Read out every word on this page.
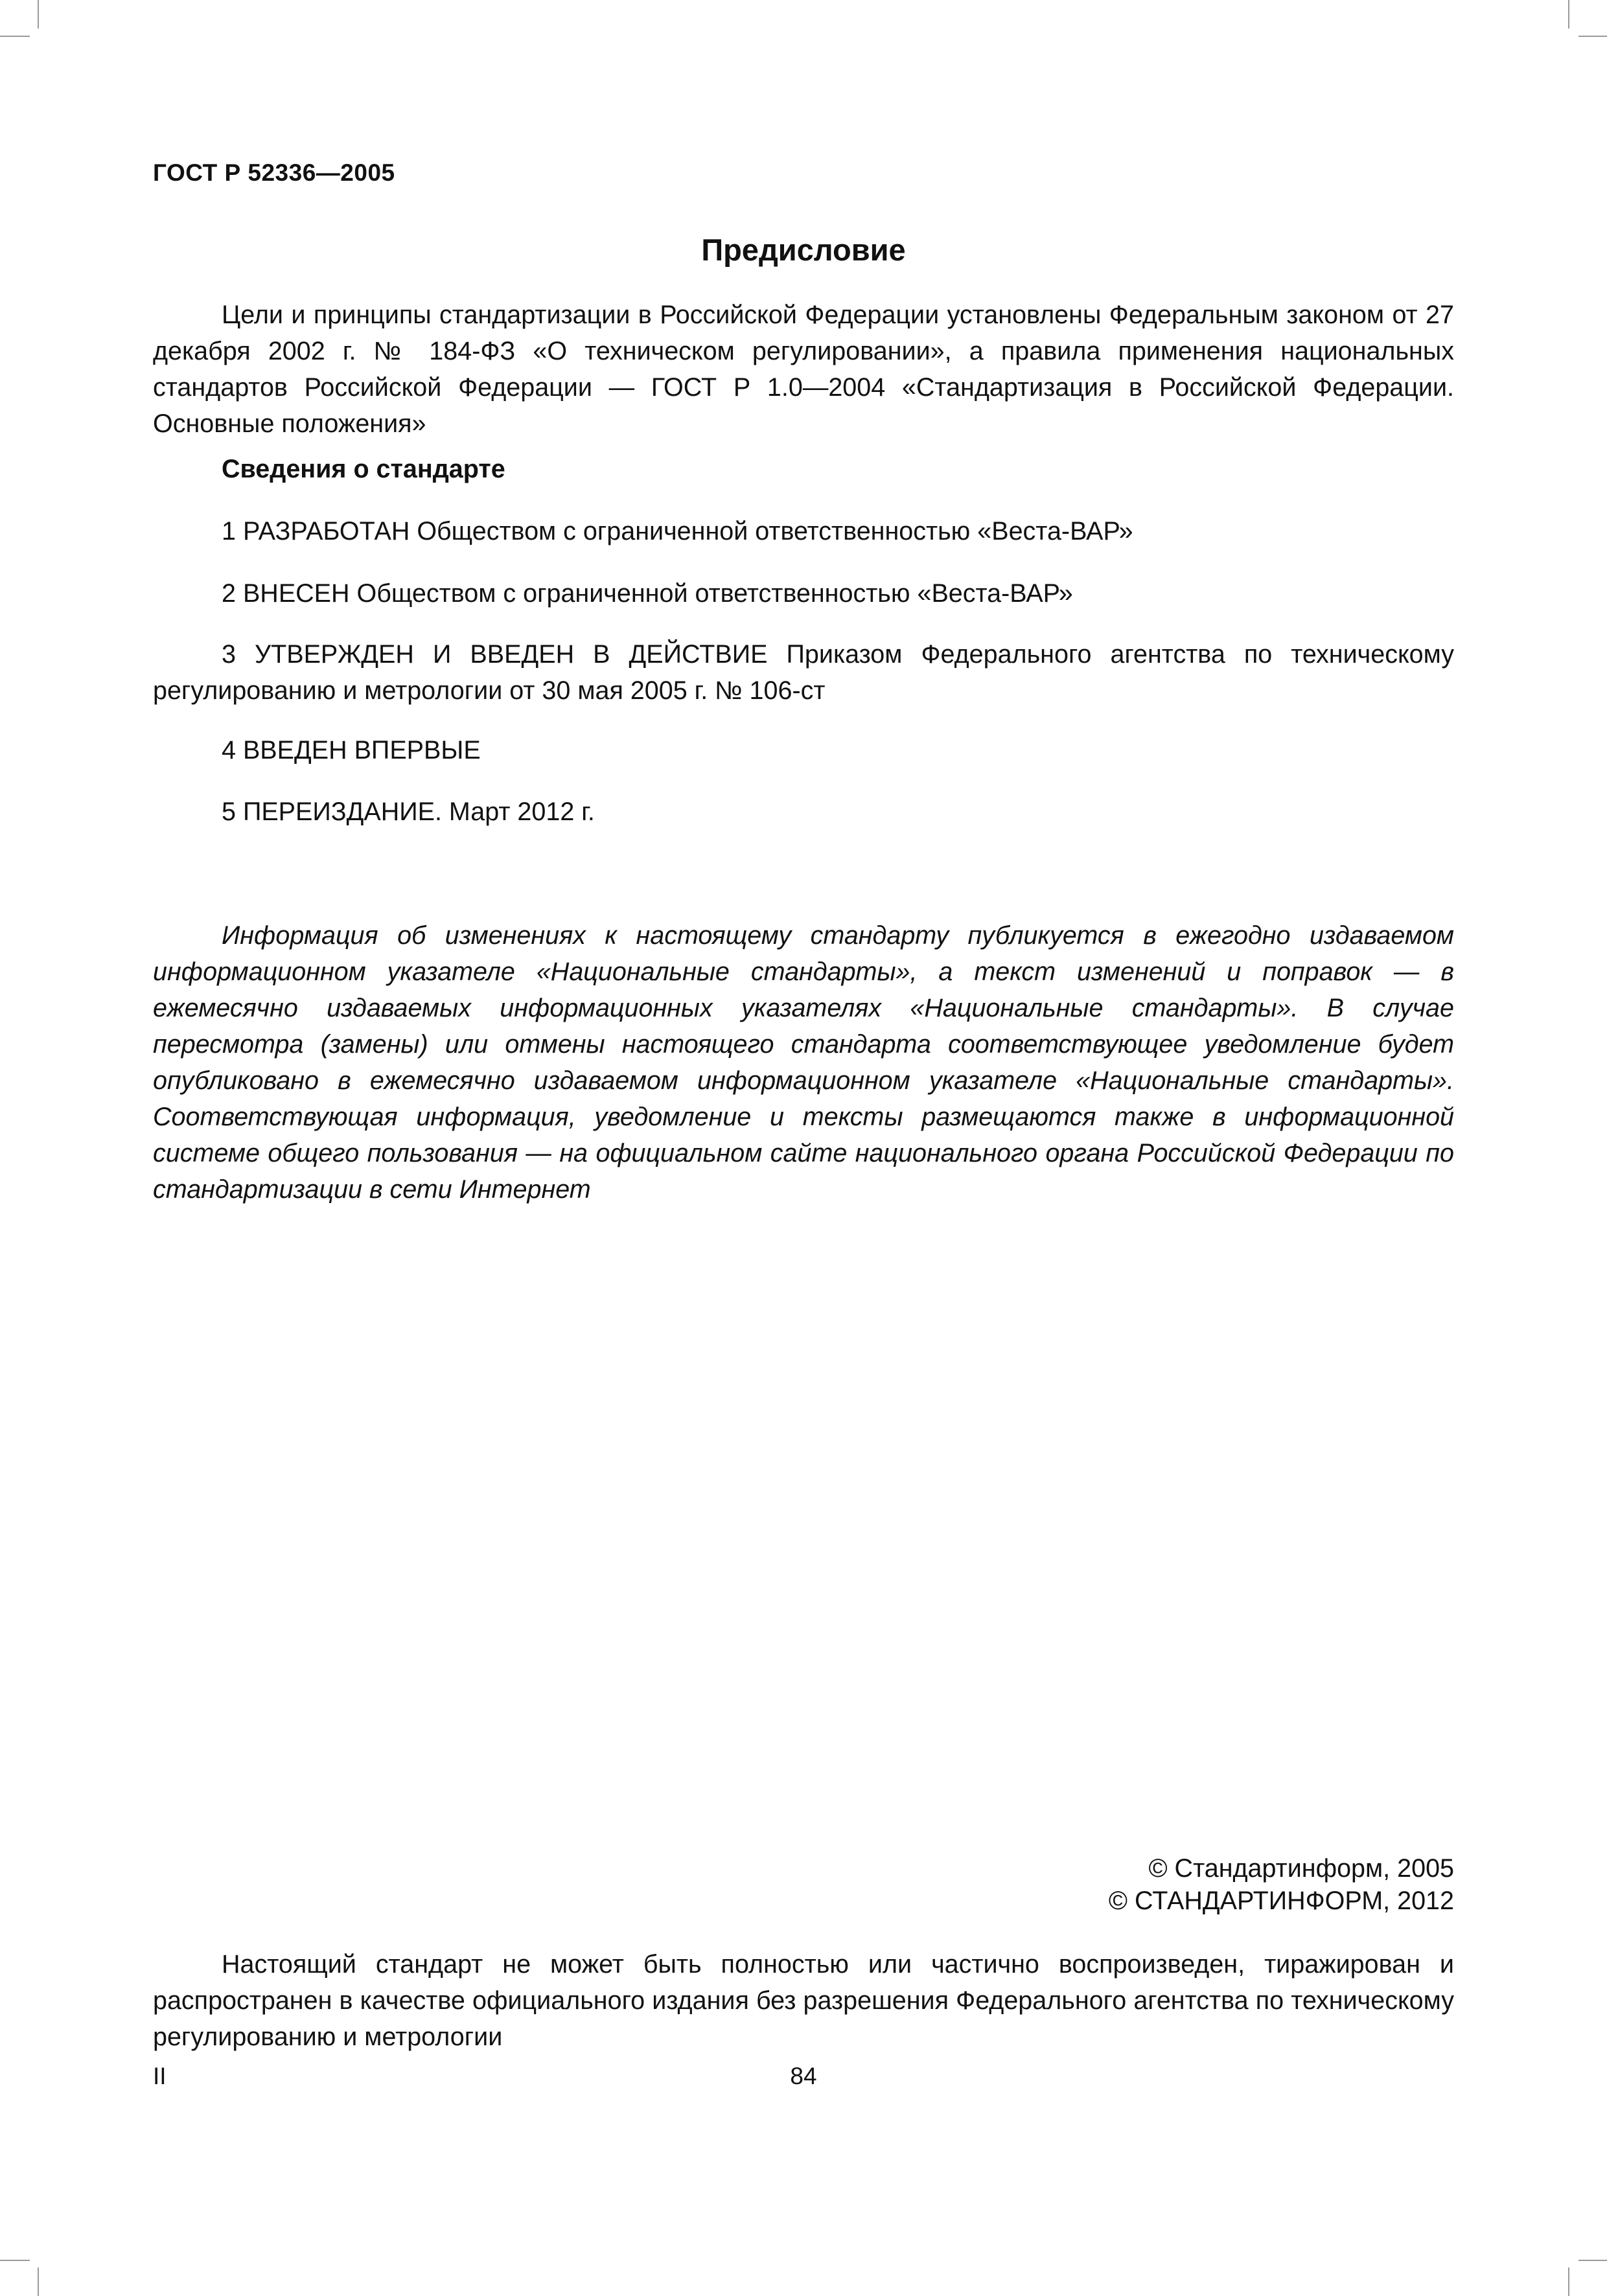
ГОСТ Р 52336—2005
Предисловие

Цели и принципы стандартизации в Российской Федерации установлены Федеральным законом от 27 декабря 2002 г. № 184-ФЗ «О техническом регулировании», а правила применения национальных стандартов Российской Федерации — ГОСТ Р 1.0—2004 «Стандартизация в Российской Федерации. Основные положения»

Сведения о стандарте

1 РАЗРАБОТАН Обществом с ограниченной ответственностью «Веста-ВАР»

2 ВНЕСЕН Обществом с ограниченной ответственностью «Веста-ВАР»

3 УТВЕРЖДЕН И ВВЕДЕН В ДЕЙСТВИЕ Приказом Федерального агентства по техническому регулированию и метрологии от 30 мая 2005 г. № 106-ст

4 ВВЕДЕН ВПЕРВЫЕ

5 ПЕРЕИЗДАНИЕ. Март 2012 г.

Информация об изменениях к настоящему стандарту публикуется в ежегодно издаваемом информационном указателе «Национальные стандарты», а текст изменений и поправок — в ежемесячно издаваемых информационных указателях «Национальные стандарты». В случае пересмотра (замены) или отмены настоящего стандарта соответствующее уведомление будет опубликовано в ежемесячно издаваемом информационном указателе «Национальные стандарты». Соответствующая информация, уведомление и тексты размещаются также в информационной системе общего пользования — на официальном сайте национального органа Российской Федерации по стандартизации в сети Интернет

© Стандартинформ, 2005
© СТАНДАРТИНФОРМ, 2012

Настоящий стандарт не может быть полностью или частично воспроизведен, тиражирован и распространен в качестве официального издания без разрешения Федерального агентства по техническому регулированию и метрологии

II	84
